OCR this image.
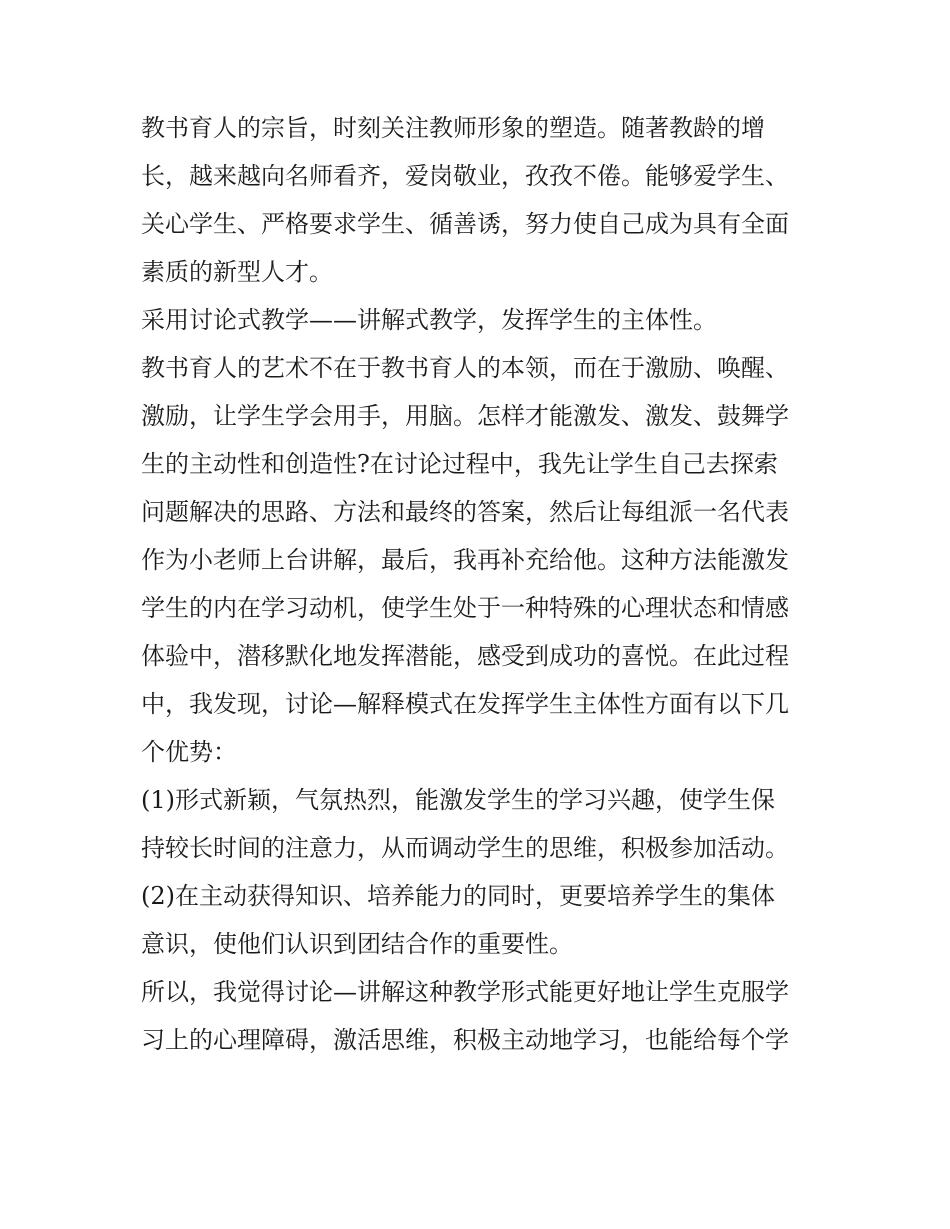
教书育人的宗旨，时刻关注教师形象的塑造。随著教龄的增
长，越来越向名师看齐，爱岗敬业，孜孜不倦。能够爱学生、
关心学生、严格要求学生、循善诱，努力使自己成为具有全面
素质的新型人才。
采用讨论式教学——讲解式教学，发挥学生的主体性。
教书育人的艺术不在于教书育人的本领，而在于激励、唤醒、
激励，让学生学会用手，用脑。怎样才能激发、激发、鼓舞学
生的主动性和创造性?在讨论过程中，我先让学生自己去探索
问题解决的思路、方法和最终的答案，然后让每组派一名代表
作为小老师上台讲解，最后，我再补充给他。这种方法能激发
学生的内在学习动机，使学生处于一种特殊的心理状态和情感
体验中，潜移默化地发挥潜能，感受到成功的喜悦。在此过程
中，我发现，讨论—解释模式在发挥学生主体性方面有以下几
个优势：
(1)形式新颖，气氛热烈，能激发学生的学习兴趣，使学生保
持较长时间的注意力，从而调动学生的思维，积极参加活动。
(2)在主动获得知识、培养能力的同时，更要培养学生的集体
意识，使他们认识到团结合作的重要性。
所以，我觉得讨论—讲解这种教学形式能更好地让学生克服学
习上的心理障碍，激活思维，积极主动地学习，也能给每个学
